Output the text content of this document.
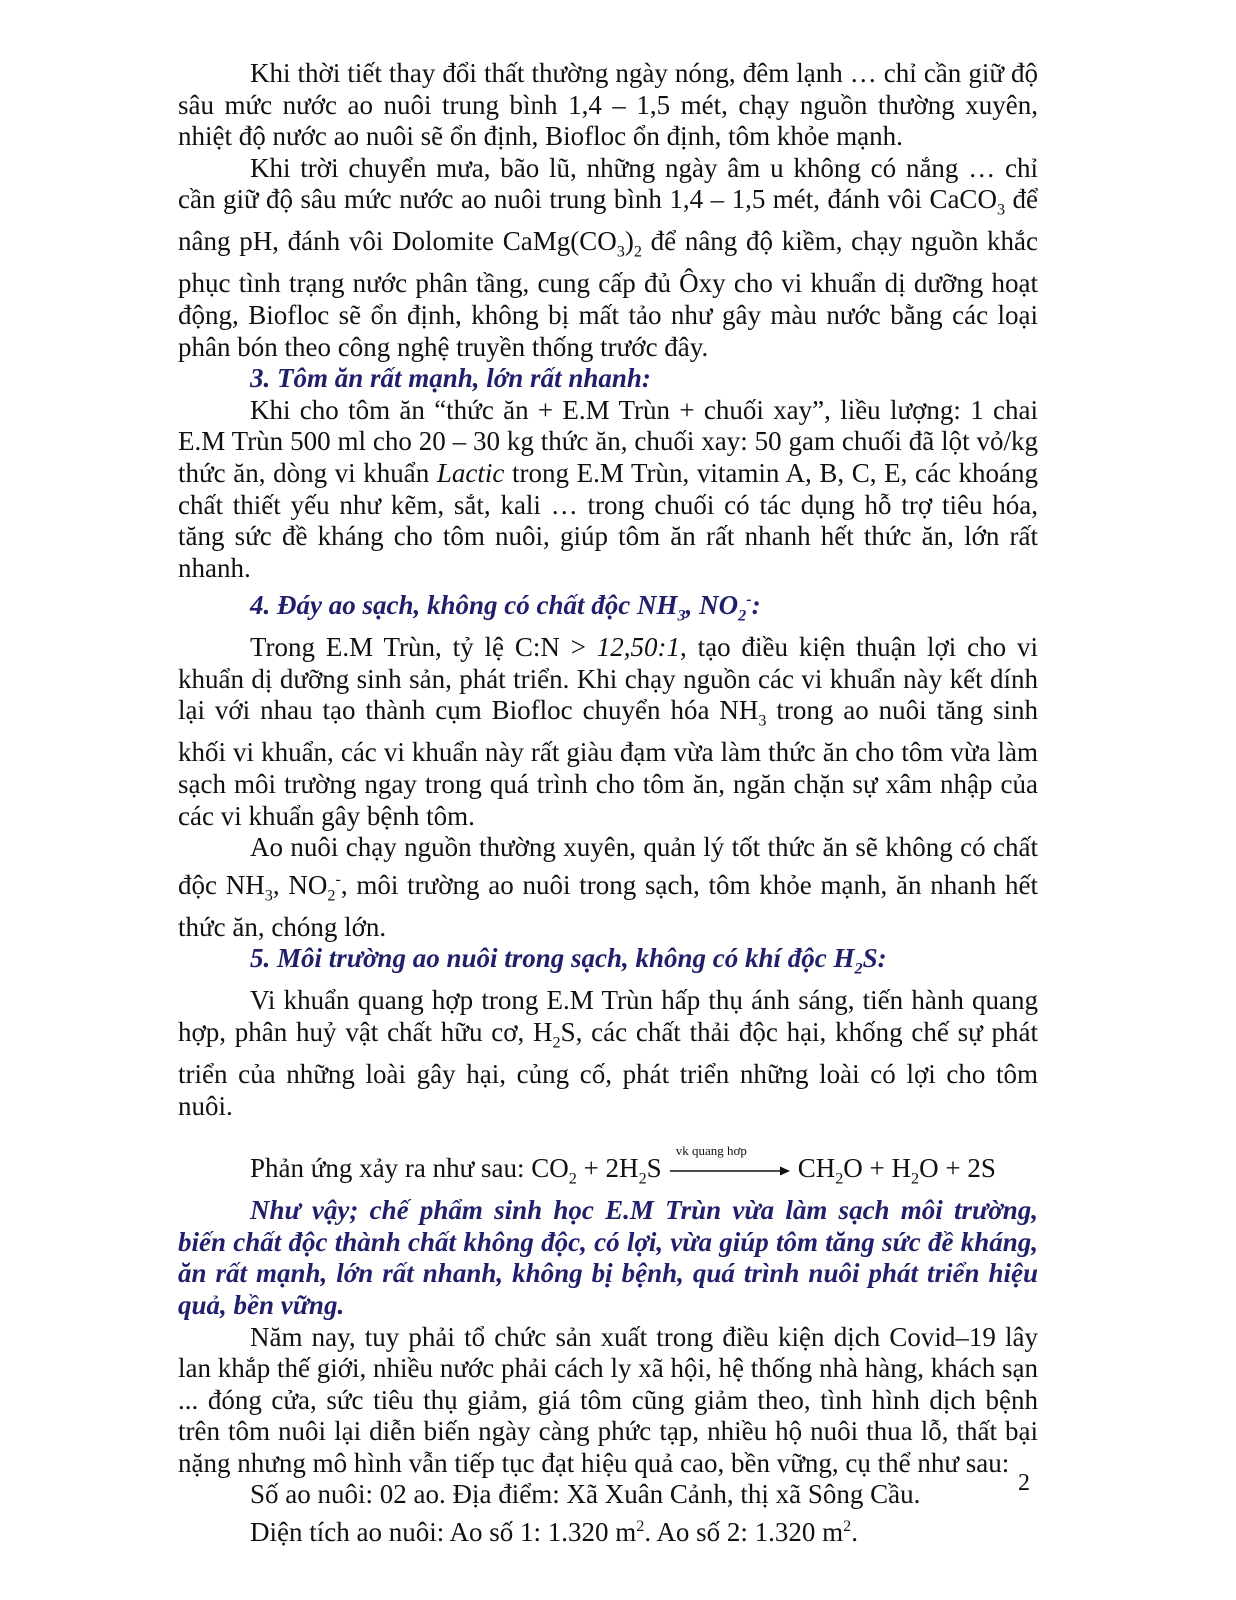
Khi thời tiết thay đổi thất thường ngày nóng, đêm lạnh … chỉ cần giữ độ sâu mức nước ao nuôi trung bình 1,4 – 1,5 mét, chạy nguồn thường xuyên, nhiệt độ nước ao nuôi sẽ ổn định, Biofloc ổn định, tôm khỏe mạnh.

Khi trời chuyển mưa, bão lũ, những ngày âm u không có nắng … chỉ cần giữ độ sâu mức nước ao nuôi trung bình 1,4 – 1,5 mét, đánh vôi CaCO$_3$ để nâng pH, đánh vôi Dolomite $CaMg(CO_3)_2$ để nâng độ kiềm, chạy nguồn khắc phục tình trạng nước phân tầng, cung cấp đủ Ôxy cho vi khuẩn dị dưỡng hoạt động, Biofloc sẽ ổn định, không bị mất tảo như gây màu nước bằng các loại phân bón theo công nghệ truyền thống trước đây.

3. Tôm ăn rất mạnh, lớn rất nhanh:

Khi cho tôm ăn “thức ăn + E.M Trùn + chuối xay”, liều lượng: 1 chai E.M Trùn 500 ml cho 20 – 30 kg thức ăn, chuối xay: 50 gam chuối đã lột vỏ/kg thức ăn, dòng vi khuẩn Lactic trong E.M Trùn, vitamin A, B, C, E, các khoáng chất thiết yếu như kẽm, sắt, kali … trong chuối có tác dụng hỗ trợ tiêu hóa, tăng sức đề kháng cho tôm nuôi, giúp tôm ăn rất nhanh hết thức ăn, lớn rất nhanh.

4. Đáy ao sạch, không có chất độc $NH_3$, $NO_2^-$:

Trong E.M Trùn, tỷ lệ C:N > 12,50:1, tạo điều kiện thuận lợi cho vi khuẩn dị dưỡng sinh sản, phát triển. Khi chạy nguồn các vi khuẩn này kết dính lại với nhau tạo thành cụm Biofloc chuyển hóa $NH_3$ trong ao nuôi tăng sinh khối vi khuẩn, các vi khuẩn này rất giàu đạm vừa làm thức ăn cho tôm vừa làm sạch môi trường ngay trong quá trình cho tôm ăn, ngăn chặn sự xâm nhập của các vi khuẩn gây bệnh tôm.

Ao nuôi chạy nguồn thường xuyên, quản lý tốt thức ăn sẽ không có chất độc $NH_3$, $NO_2^-$, môi trường ao nuôi trong sạch, tôm khỏe mạnh, ăn nhanh hết thức ăn, chóng lớn.

5. Môi trường ao nuôi trong sạch, không có khí độc $H_2S$:

Vi khuẩn quang hợp trong E.M Trùn hấp thụ ánh sáng, tiến hành quang hợp, phân huỷ vật chất hữu cơ, $H_2S$, các chất thải độc hại, khống chế sự phát triển của những loài gây hại, củng cố, phát triển những loài có lợi cho tôm nuôi.

Phản ứng xảy ra như sau: $CO_2 + 2H_2S$
vk quang hơp
$CH_2O + H_2O + 2S$

Như vậy; chế phẩm sinh học E.M Trùn vừa làm sạch môi trường, biến chất độc thành chất không độc, có lợi, vừa giúp tôm tăng sức đề kháng, ăn rất mạnh, lớn rất nhanh, không bị bệnh, quá trình nuôi phát triển hiệu quả, bền vững.

Năm nay, tuy phải tổ chức sản xuất trong điều kiện dịch Covid–19 lây lan khắp thế giới, nhiều nước phải cách ly xã hội, hệ thống nhà hàng, khách sạn ... đóng cửa, sức tiêu thụ giảm, giá tôm cũng giảm theo, tình hình dịch bệnh trên tôm nuôi lại diễn biến ngày càng phức tạp, nhiều hộ nuôi thua lỗ, thất bại nặng nhưng mô hình vẫn tiếp tục đạt hiệu quả cao, bền vững, cụ thể như sau:

Số ao nuôi: 02 ao. Địa điểm: Xã Xuân Cảnh, thị xã Sông Cầu.

Diện tích ao nuôi: Ao số 1: 1.320 $m^2$. Ao số 2: 1.320 $m^2$.

2
